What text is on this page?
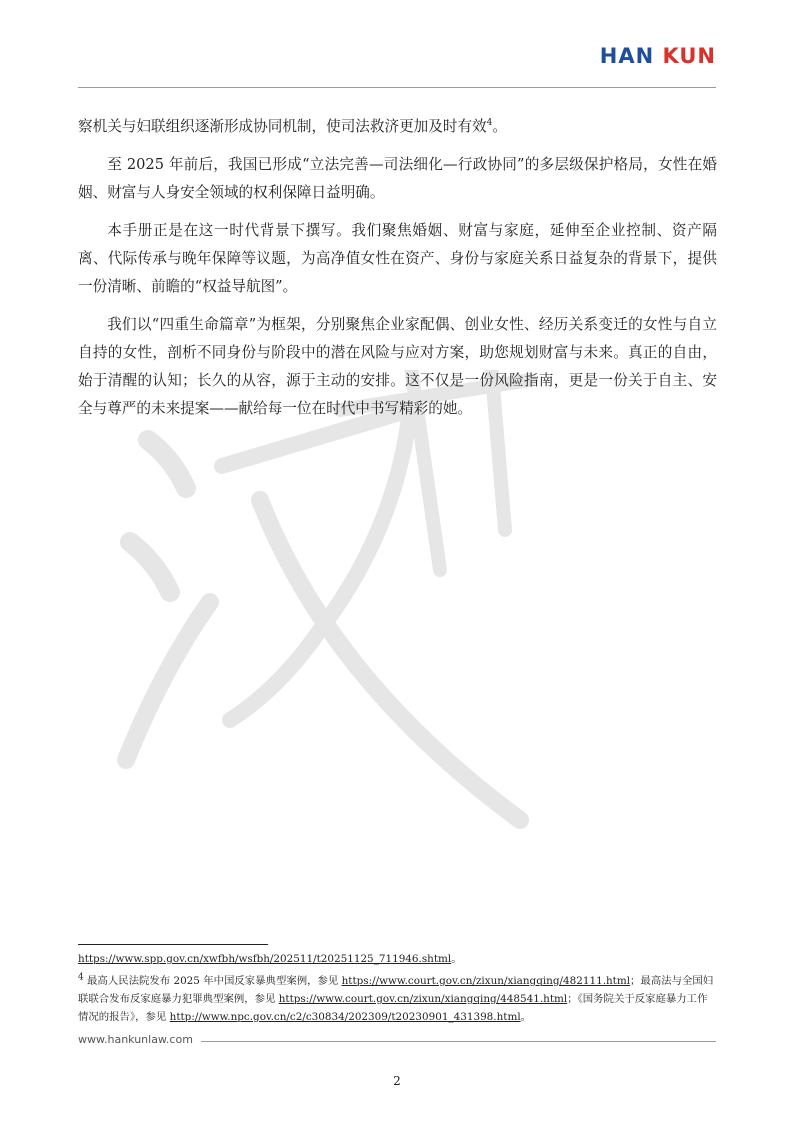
HAN KUN

察机关与妇联组织逐渐形成协同机制，使司法救济更加及时有效$^4$。

至 2025 年前后，我国已形成“立法完善—司法细化—行政协同”的多层级保护格局，女性在婚姻、财富与人身安全领域的权利保障日益明确。

本手册正是在这一时代背景下撰写。我们聚焦婚姻、财富与家庭，延伸至企业控制、资产隔离、代际传承与晚年保障等议题，为高净值女性在资产、身份与家庭关系日益复杂的背景下，提供一份清晰、前瞻的“权益导航图”。

我们以“四重生命篇章”为框架，分别聚焦企业家配偶、创业女性、经历关系变迁的女性与自立自持的女性，剖析不同身份与阶段中的潜在风险与应对方案，助您规划财富与未来。真正的自由，始于清醒的认知；长久的从容，源于主动的安排。这不仅是一份风险指南，更是一份关于自主、安全与尊严的未来提案——献给每一位在时代中书写精彩的她。

https://www.spp.gov.cn/xwfbh/wsfbh/202511/t20251125_711946.shtml。

$^4$ 最高人民法院发布 2025 年中国反家暴典型案例，参见 https://www.court.gov.cn/zixun/xiangqing/482111.html；最高法与全国妇联联合发布反家庭暴力犯罪典型案例，参见 https://www.court.gov.cn/zixun/xiangqing/448541.html；《国务院关于反家庭暴力工作情况的报告》，参见 http://www.npc.gov.cn/c2/c30834/202309/t20230901_431398.html。

www.hankunlaw.com
2
